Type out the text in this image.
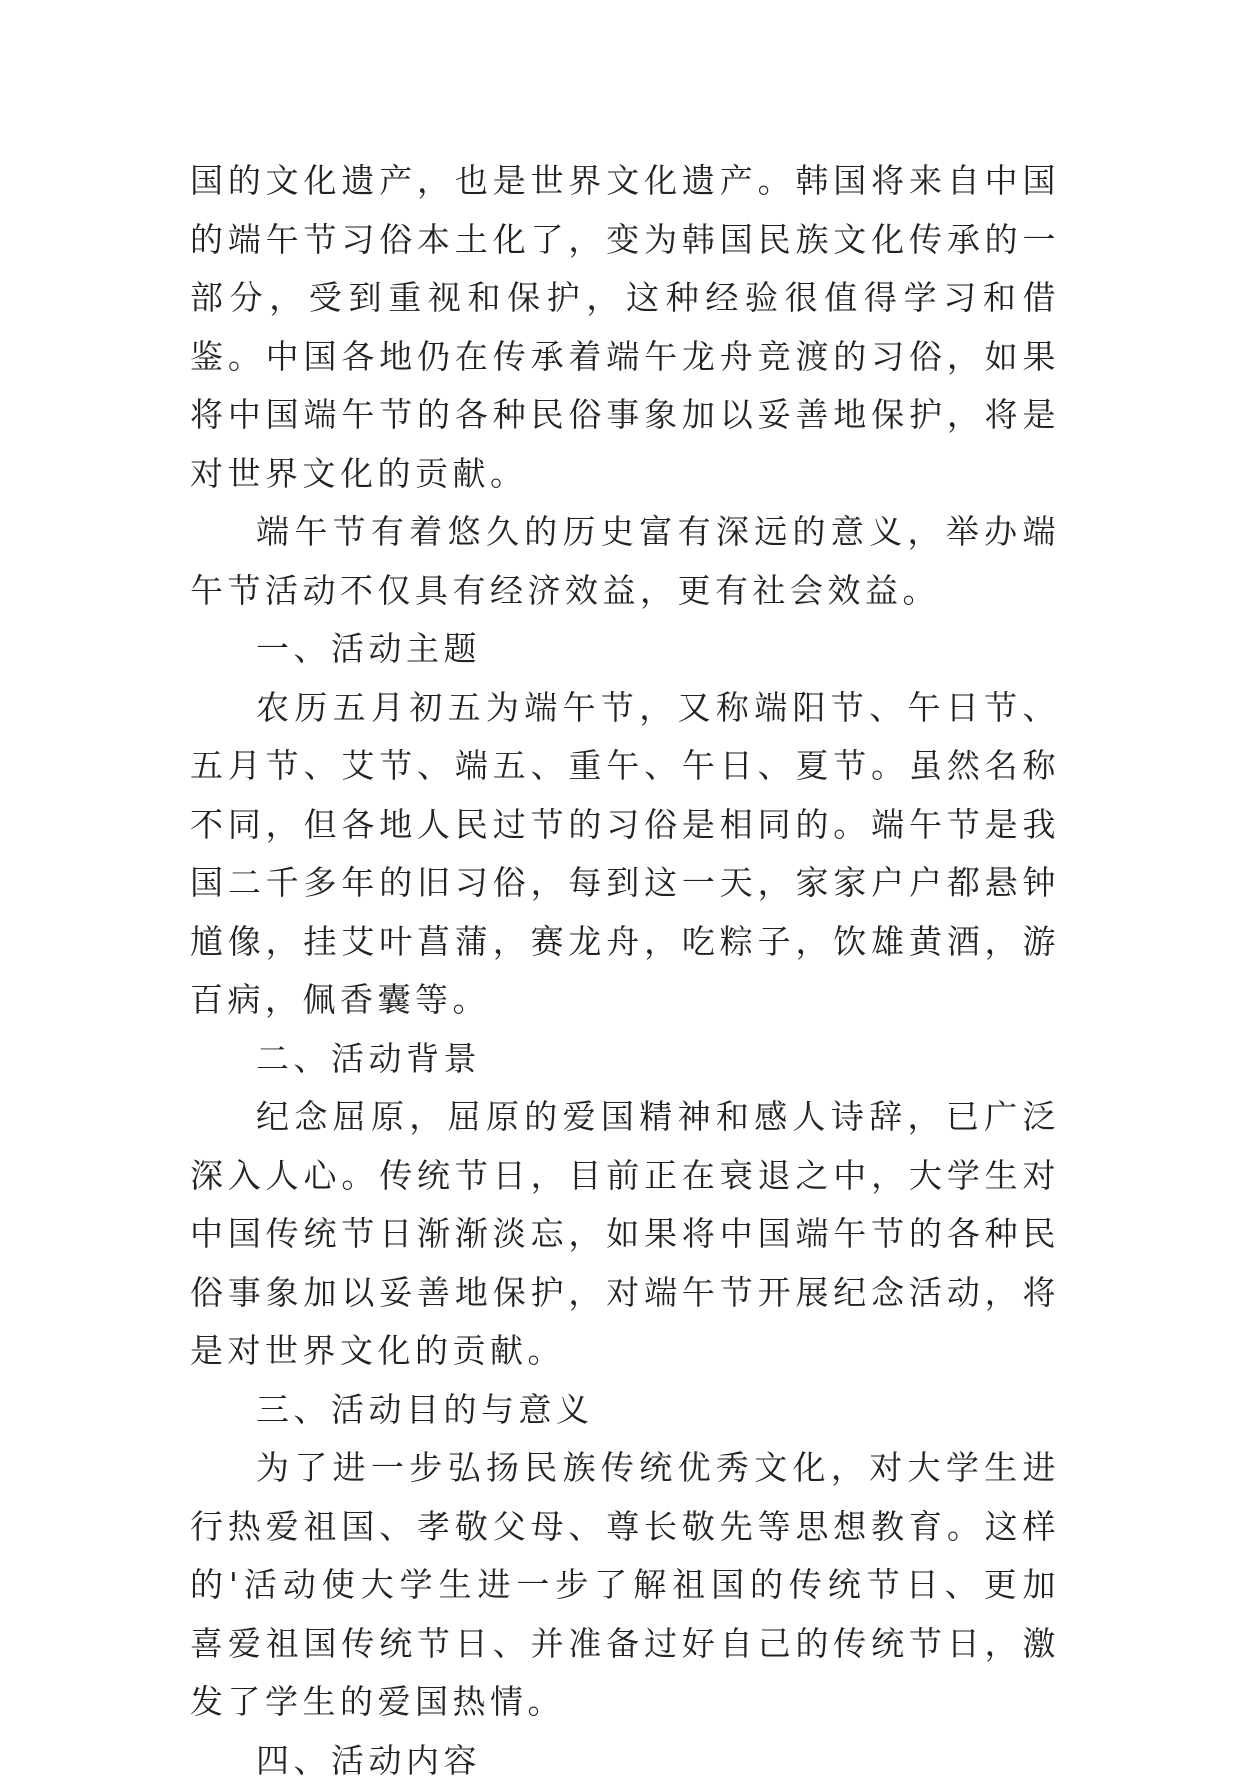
国的文化遗产，也是世界文化遗产。韩国将来自中国的端午节习俗本土化了，变为韩国民族文化传承的一部分，受到重视和保护，这种经验很值得学习和借鉴。中国各地仍在传承着端午龙舟竞渡的习俗，如果将中国端午节的各种民俗事象加以妥善地保护，将是对世界文化的贡献。

端午节有着悠久的历史富有深远的意义，举办端午节活动不仅具有经济效益，更有社会效益。

一、活动主题

农历五月初五为端午节，又称端阳节、午日节、五月节、艾节、端五、重午、午日、夏节。虽然名称不同，但各地人民过节的习俗是相同的。端午节是我国二千多年的旧习俗，每到这一天，家家户户都悬钟馗像，挂艾叶菖蒲，赛龙舟，吃粽子，饮雄黄酒，游百病，佩香囊等。

二、活动背景

纪念屈原，屈原的爱国精神和感人诗辞，已广泛深入人心。传统节日，目前正在衰退之中，大学生对中国传统节日渐渐淡忘，如果将中国端午节的各种民俗事象加以妥善地保护，对端午节开展纪念活动，将是对世界文化的贡献。

三、活动目的与意义

为了进一步弘扬民族传统优秀文化，对大学生进行热爱祖国、孝敬父母、尊长敬先等思想教育。这样的'活动使大学生进一步了解祖国的传统节日、更加喜爱祖国传统节日、并准备过好自己的传统节日，激发了学生的爱国热情。

四、活动内容
